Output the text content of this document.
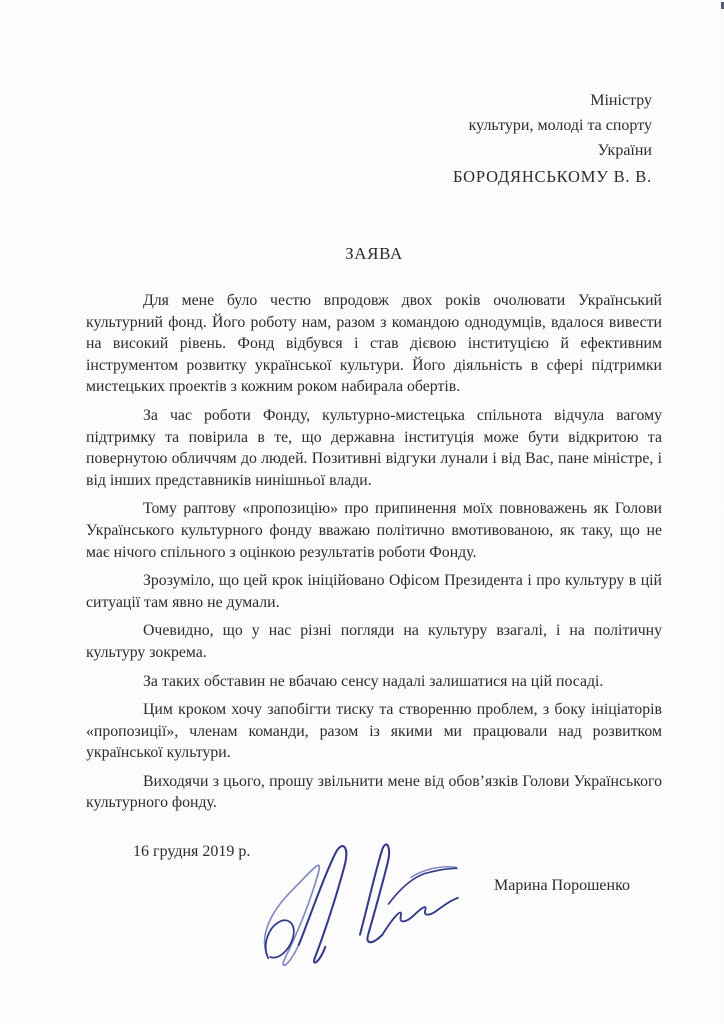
Міністру
культури, молоді та спорту
України
БОРОДЯНСЬКОМУ В. В.
ЗАЯВА

Для мене було честю впродовж двох років очолювати Український культурний фонд. Його роботу нам, разом з командою однодумців, вдалося вивести на високий рівень. Фонд відбувся і став дієвою інституцією й ефективним інструментом розвитку української культури. Його діяльність в сфері підтримки мистецьких проектів з кожним роком набирала обертів.

За час роботи Фонду, культурно-мистецька спільнота відчула вагому підтримку та повірила в те, що державна інституція може бути відкритою та повернутою обличчям до людей. Позитивні відгуки лунали і від Вас, пане міністре, і від інших представників нинішньої влади.

Тому раптову «пропозицію» про припинення моїх повноважень як Голови Українського культурного фонду вважаю політично вмотивованою, як таку, що не має нічого спільного з оцінкою результатів роботи Фонду.

Зрозуміло, що цей крок ініційовано Офісом Президента і про культуру в цій ситуації там явно не думали.

Очевидно, що у нас різні погляди на культуру взагалі, і на політичну культуру зокрема.

За таких обставин не вбачаю сенсу надалі залишатися на цій посаді.

Цим кроком хочу запобігти тиску та створенню проблем, з боку ініціаторів «пропозиції», членам команди, разом із якими ми працювали над розвитком української культури.

Виходячи з цього, прошу звільнити мене від обов’язків Голови Українського культурного фонду.

16 грудня 2019 р.
Марина Порошенко
